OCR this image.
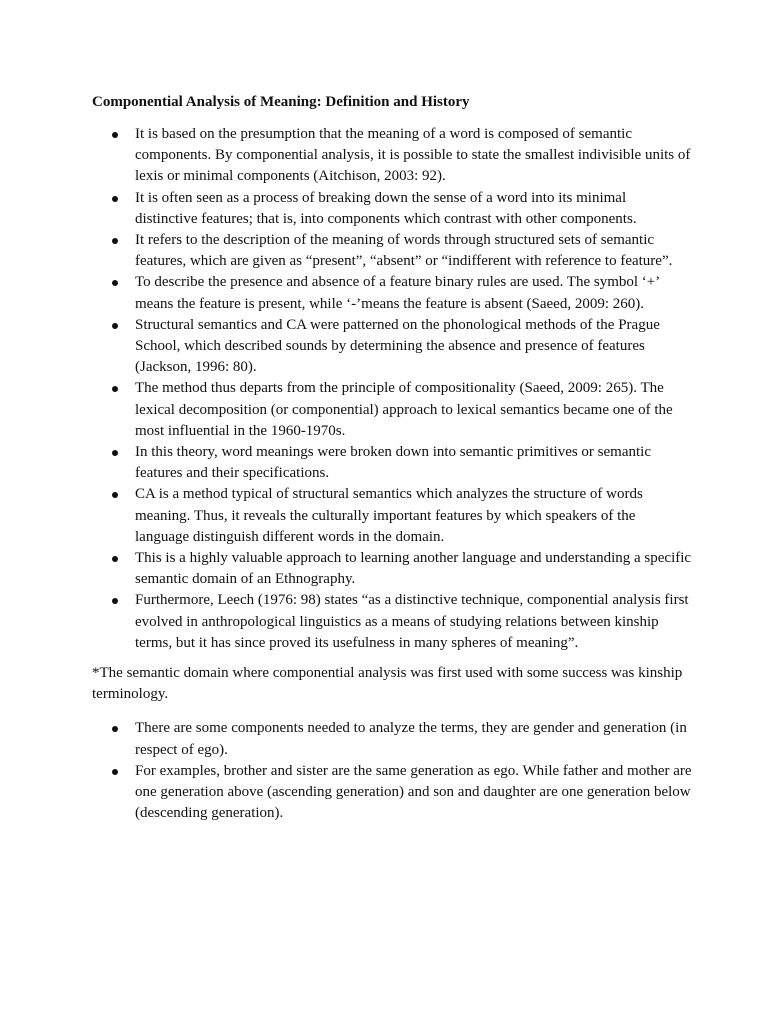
Componential Analysis of Meaning: Definition and History
It is based on the presumption that the meaning of a word is composed of semantic components. By componential analysis, it is possible to state the smallest indivisible units of lexis or minimal components (Aitchison, 2003: 92).
It is often seen as a process of breaking down the sense of a word into its minimal distinctive features; that is, into components which contrast with other components.
It refers to the description of the meaning of words through structured sets of semantic features, which are given as “present”, “absent” or “indifferent with reference to feature”.
To describe the presence and absence of a feature binary rules are used. The symbol ‘+’ means the feature is present, while ‘-’means the feature is absent (Saeed, 2009: 260).
Structural semantics and CA were patterned on the phonological methods of the Prague School, which described sounds by determining the absence and presence of features (Jackson, 1996: 80).
The method thus departs from the principle of compositionality (Saeed, 2009: 265). The lexical decomposition (or componential) approach to lexical semantics became one of the most influential in the 1960-1970s.
In this theory, word meanings were broken down into semantic primitives or semantic features and their specifications.
CA is a method typical of structural semantics which analyzes the structure of words meaning. Thus, it reveals the culturally important features by which speakers of the language distinguish different words in the domain.
This is a highly valuable approach to learning another language and understanding a specific semantic domain of an Ethnography.
Furthermore, Leech (1976: 98) states “as a distinctive technique, componential analysis first evolved in anthropological linguistics as a means of studying relations between kinship terms, but it has since proved its usefulness in many spheres of meaning”.
*The semantic domain where componential analysis was first used with some success was kinship terminology.
There are some components needed to analyze the terms, they are gender and generation (in respect of ego).
For examples, brother and sister are the same generation as ego. While father and mother are one generation above (ascending generation) and son and daughter are one generation below (descending generation).
